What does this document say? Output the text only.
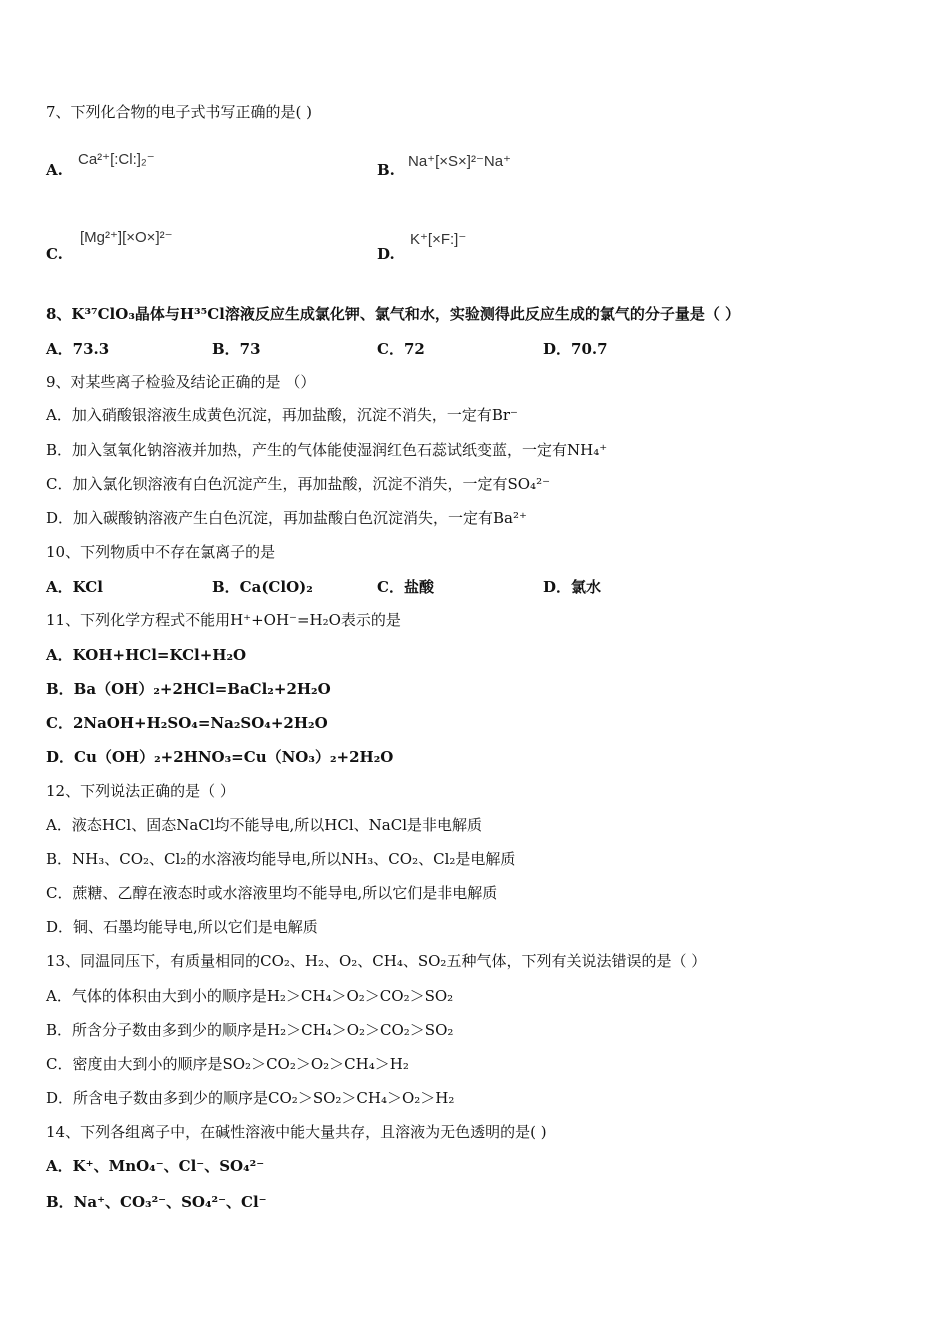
7、下列化合物的电子式书写正确的是( )
A.
Ca²⁺[:Cl:]₂⁻
B. Na⁺[×S×]²⁻Na⁺
C.
[Mg²⁺][×O×]²⁻
D.
K⁺[×F:]⁻
8、K³⁷ClO₃晶体与H³⁵Cl溶液反应生成氯化钾、氯气和水，实验测得此反应生成的氯气的分子量是（ ）
A．73.3	B．73	C．72	D．70.7
9、对某些离子检验及结论正确的是 （）
A．加入硝酸银溶液生成黄色沉淀，再加盐酸，沉淀不消失，一定有Br⁻
B．加入氢氧化钠溶液并加热，产生的气体能使湿润红色石蕊试纸变蓝，一定有NH₄⁺
C．加入氯化钡溶液有白色沉淀产生，再加盐酸，沉淀不消失，一定有SO₄²⁻
D．加入碳酸钠溶液产生白色沉淀，再加盐酸白色沉淀消失，一定有Ba²⁺
10、下列物质中不存在氯离子的是
A．KCl	B．Ca(ClO)₂	C．盐酸	D．氯水
11、下列化学方程式不能用H⁺+OH⁻=H₂O表示的是
A．KOH+HCl=KCl+H₂O
B．Ba（OH）₂+2HCl=BaCl₂+2H₂O
C．2NaOH+H₂SO₄=Na₂SO₄+2H₂O
D．Cu（OH）₂+2HNO₃=Cu（NO₃）₂+2H₂O
12、下列说法正确的是（ ）
A．液态HCl、固态NaCl均不能导电,所以HCl、NaCl是非电解质
B．NH₃、CO₂、Cl₂的水溶液均能导电,所以NH₃、CO₂、Cl₂是电解质
C．蔗糖、乙醇在液态时或水溶液里均不能导电,所以它们是非电解质
D．铜、石墨均能导电,所以它们是电解质
13、同温同压下，有质量相同的CO₂、H₂、O₂、CH₄、SO₂五种气体，下列有关说法错误的是（ ）
A．气体的体积由大到小的顺序是H₂＞CH₄＞O₂＞CO₂＞SO₂
B．所含分子数由多到少的顺序是H₂＞CH₄＞O₂＞CO₂＞SO₂
C．密度由大到小的顺序是SO₂＞CO₂＞O₂＞CH₄＞H₂
D．所含电子数由多到少的顺序是CO₂＞SO₂＞CH₄＞O₂＞H₂
14、下列各组离子中，在碱性溶液中能大量共存，且溶液为无色透明的是( )
A．K⁺、MnO₄⁻、Cl⁻、SO₄²⁻
B．Na⁺、CO₃²⁻、SO₄²⁻、Cl⁻
